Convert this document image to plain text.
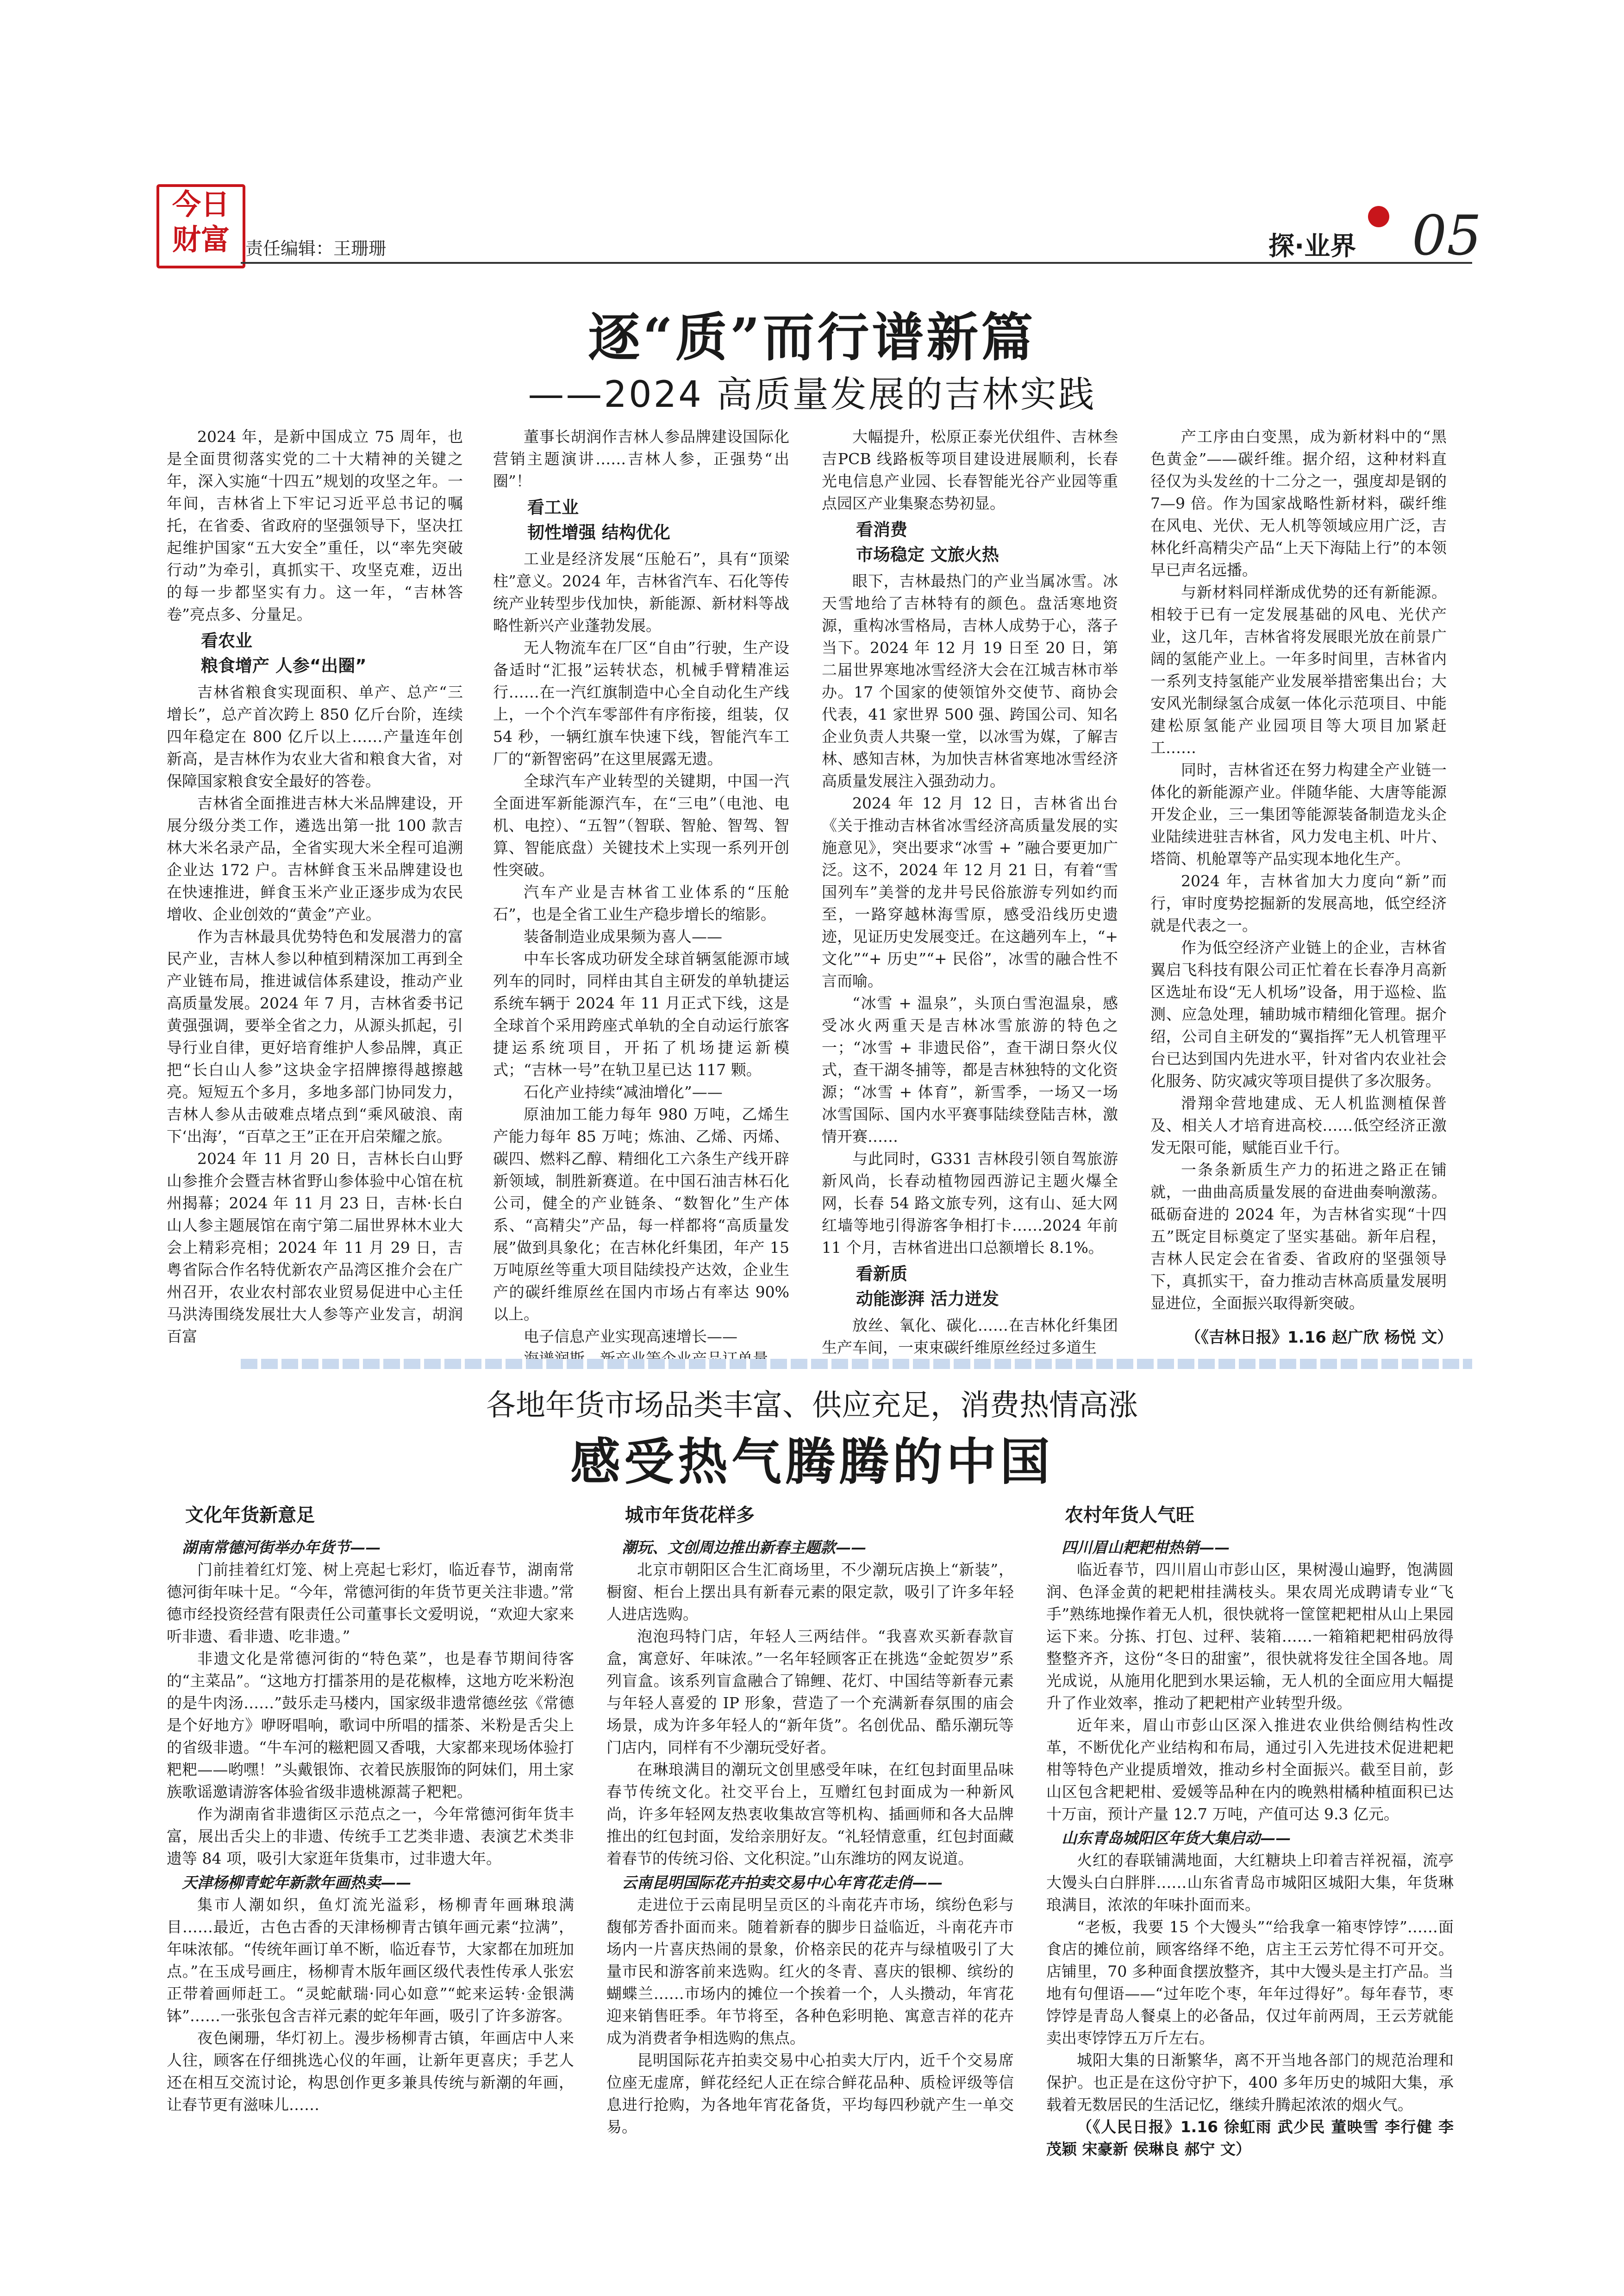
今日财富 责任编辑：王珊珊	探·业界 05
逐“质”而行谱新篇
——2024 高质量发展的吉林实践

2024 年，是新中国成立 75 周年，也是全面贯彻落实党的二十大精神的关键之年，深入实施“十四五”规划的攻坚之年。一年间，吉林省上下牢记习近平总书记的嘱托，在省委、省政府的坚强领导下，坚决扛起维护国家“五大安全”重任，以“率先突破行动”为牵引，真抓实干、攻坚克难，迈出的每一步都坚实有力。这一年，“吉林答卷”亮点多、分量足。

看农业
粮食增产 人参“出圈”

吉林省粮食实现面积、单产、总产“三增长”，总产首次跨上 850 亿斤台阶，连续四年稳定在 800 亿斤以上……产量连年创新高，是吉林作为农业大省和粮食大省，对保障国家粮食安全最好的答卷。

吉林省全面推进吉林大米品牌建设，开展分级分类工作，遴选出第一批 100 款吉林大米名录产品，全省实现大米全程可追溯企业达 172 户。吉林鲜食玉米品牌建设也在快速推进，鲜食玉米产业正逐步成为农民增收、企业创效的“黄金”产业。

作为吉林最具优势特色和发展潜力的富民产业，吉林人参以种植到精深加工再到全产业链布局，推进诚信体系建设，推动产业高质量发展。2024 年 7 月，吉林省委书记黄强强调，要举全省之力，从源头抓起，引导行业自律，更好培育维护人参品牌，真正把“长白山人参”这块金字招牌擦得越擦越亮。短短五个多月，多地多部门协同发力，吉林人参从击破难点堵点到“乘风破浪、南下‘出海’，“百草之王”正在开启荣耀之旅。

2024 年 11 月 20 日，吉林长白山野山参推介会暨吉林省野山参体验中心馆在杭州揭幕；2024 年 11 月 23 日，吉林·长白山人参主题展馆在南宁第二届世界林木业大会上精彩亮相；2024 年 11 月 29 日，吉粤省际合作名特优新农产品湾区推介会在广州召开，农业农村部农业贸易促进中心主任马洪涛围绕发展壮大人参等产业发言，胡润百富

董事长胡润作吉林人参品牌建设国际化营销主题演讲……吉林人参，正强势“出圈”！

看工业
韧性增强 结构优化

工业是经济发展“压舱石”，具有“顶梁柱”意义。2024 年，吉林省汽车、石化等传统产业转型步伐加快，新能源、新材料等战略性新兴产业蓬勃发展。

无人物流车在厂区“自由”行驶，生产设备适时“汇报”运转状态，机械手臂精准运行……在一汽红旗制造中心全自动化生产线上，一个个汽车零部件有序衔接，组装，仅 54 秒，一辆红旗车快速下线，智能汽车工厂的“新智密码”在这里展露无遗。

全球汽车产业转型的关键期，中国一汽全面进军新能源汽车，在“三电”（电池、电机、电控）、“五智”（智联、智舱、智驾、智算、智能底盘）关键技术上实现一系列开创性突破。

汽车产业是吉林省工业体系的“压舱石”，也是全省工业生产稳步增长的缩影。

装备制造业成果频为喜人——

中车长客成功研发全球首辆氢能源市域列车的同时，同样由其自主研发的单轨捷运系统车辆于 2024 年 11 月正式下线，这是全球首个采用跨座式单轨的全自动运行旅客捷运系统项目，开拓了机场捷运新模式；“吉林一号”在轨卫星已达 117 颗。

石化产业持续“减油增化”——

原油加工能力每年 980 万吨，乙烯生产能力每年 85 万吨；炼油、乙烯、丙烯、碳四、燃料乙醇、精细化工六条生产线开辟新领域，制胜新赛道。在中国石油吉林石化公司，健全的产业链条、“数智化”生产体系、“高精尖”产品，每一样都将“高质量发展”做到具象化；在吉林化纤集团，年产 15 万吨原丝等重大项目陆续投产达效，企业生产的碳纤维原丝在国内市场占有率达 90%以上。

电子信息产业实现高速增长——

大幅提升，松原正泰光伏组件、吉林叁吉PCB 线路板等项目建设进展顺利，长春光电信息产业园、长春智能光谷产业园等重点园区产业集聚态势初显。

看消费
市场稳定 文旅火热

眼下，吉林最热门的产业当属冰雪。冰天雪地给了吉林特有的颜色。盘活寒地资源，重构冰雪格局，吉林人成势于心，落子当下。2024 年 12 月 19 日至 20 日，第二届世界寒地冰雪经济大会在江城吉林市举办。17 个国家的使领馆外交使节、商协会代表，41 家世界 500 强、跨国公司、知名企业负责人共聚一堂，以冰雪为媒，了解吉林、感知吉林，为加快吉林省寒地冰雪经济高质量发展注入强劲动力。

2024 年 12 月 12 日，吉林省出台《关于推动吉林省冰雪经济高质量发展的实施意见》，突出要求“冰雪 + ”融合要更加广泛。这不，2024 年 12 月 21 日，有着“雪国列车”美誉的龙井号民俗旅游专列如约而至，一路穿越林海雪原，感受沿线历史遗迹，见证历史发展变迁。在这趟列车上，“+ 文化”“+ 历史”“+ 民俗”，冰雪的融合性不言而喻。

“冰雪 + 温泉”，头顶白雪泡温泉，感受冰火两重天是吉林冰雪旅游的特色之一；“冰雪 + 非遗民俗”，查干湖日祭火仪式，查干湖冬捕等，都是吉林独特的文化资源；“冰雪 + 体育”，新雪季，一场又一场冰雪国际、国内水平赛事陆续登陆吉林，激情开赛……

与此同时，G331 吉林段引领自驾旅游新风尚，长春动植物园西游记主题火爆全网，长春 54 路文旅专列，这有山、延大网红墙等地引得游客争相打卡……2024 年前 11 个月，吉林省进出口总额增长 8.1%。

看新质
动能澎湃 活力迸发

放丝、氧化、碳化……在吉林化纤集团生产车间，一束束碳纤维原丝经过多道生

产工序由白变黑，成为新材料中的“黑色黄金”——碳纤维。据介绍，这种材料直径仅为头发丝的十二分之一，强度却是钢的 7—9 倍。作为国家战略性新材料，碳纤维在风电、光伏、无人机等领域应用广泛，吉林化纤高精尖产品“上天下海陆上行”的本领早已声名远播。

与新材料同样渐成优势的还有新能源。相较于已有一定发展基础的风电、光伏产业，这几年，吉林省将发展眼光放在前景广阔的氢能产业上。一年多时间里，吉林省内一系列支持氢能产业发展举措密集出台；大安风光制绿氢合成氨一体化示范项目、中能建松原氢能产业园项目等大项目加紧赶工……

同时，吉林省还在努力构建全产业链一体化的新能源产业。伴随华能、大唐等能源开发企业，三一集团等能源装备制造龙头企业陆续进驻吉林省，风力发电主机、叶片、塔筒、机舱罩等产品实现本地化生产。

2024 年，吉林省加大力度向“新”而行，审时度势挖掘新的发展高地，低空经济就是代表之一。

作为低空经济产业链上的企业，吉林省翼启飞科技有限公司正忙着在长春净月高新区选址布设“无人机场”设备，用于巡检、监测、应急处理，辅助城市精细化管理。据介绍，公司自主研发的“翼指挥”无人机管理平台已达到国内先进水平，针对省内农业社会化服务、防灾减灾等项目提供了多次服务。

滑翔伞营地建成、无人机监测植保普及、相关人才培育进高校……低空经济正激发无限可能，赋能百业千行。

一条条新质生产力的拓进之路正在铺就，一曲曲高质量发展的奋进曲奏响激荡。砥砺奋进的 2024 年，为吉林省实现“十四五”既定目标奠定了坚实基础。新年启程，吉林人民定会在省委、省政府的坚强领导下，真抓实干，奋力推动吉林高质量发展明显进位，全面振兴取得新突破。

（《吉林日报》1.16 赵广欣 杨悦 文）
各地年货市场品类丰富、供应充足，消费热情高涨
感受热气腾腾的中国
文化年货新意足
湖南常德河街举办年货节——

门前挂着红灯笼、树上亮起七彩灯，临近春节，湖南常德河街年味十足。“今年，常德河街的年货节更关注非遗。”常德市经投资经营有限责任公司董事长文爱明说，“欢迎大家来听非遗、看非遗、吃非遗。”

非遗文化是常德河街的“特色菜”，也是春节期间待客的“主菜品”。“这地方打擂茶用的是花椒棒，这地方吃米粉泡的是牛肉汤……”鼓乐走马楼内，国家级非遗常德丝弦《常德是个好地方》咿呀唱响，歌词中所唱的擂茶、米粉是舌尖上的省级非遗。“牛车河的糍粑圆又香哦，大家都来现场体验打粑粑——哟嘿！”头戴银饰、衣着民族服饰的阿妹们，用土家族歌谣邀请游客体验省级非遗桃源蒿子粑粑。

作为湖南省非遗街区示范点之一，今年常德河街年货丰富，展出舌尖上的非遗、传统手工艺类非遗、表演艺术类非遗等 84 项，吸引大家逛年货集市，过非遗大年。

天津杨柳青蛇年新款年画热卖——

集市人潮如织，鱼灯流光溢彩，杨柳青年画琳琅满目……最近，古色古香的天津杨柳青古镇年画元素“拉满”，年味浓郁。“传统年画订单不断，临近春节，大家都在加班加点。”在玉成号画庄，杨柳青木版年画区级代表性传承人张宏正带着画师赶工。“灵蛇献瑞·同心如意”“蛇来运转·金银满钵”……一张张包含吉祥元素的蛇年年画，吸引了许多游客。

夜色阑珊，华灯初上。漫步杨柳青古镇，年画店中人来人往，顾客在仔细挑选心仪的年画，让新年更喜庆；手艺人还在相互交流讨论，构思创作更多兼具传统与新潮的年画，让春节更有滋味儿……

城市年货花样多
潮玩、文创周边推出新春主题款——

北京市朝阳区合生汇商场里，不少潮玩店换上“新装”，橱窗、柜台上摆出具有新春元素的限定款，吸引了许多年轻人进店选购。

泡泡玛特门店，年轻人三两结伴。“我喜欢买新春款盲盒，寓意好、年味浓。”一名年轻顾客正在挑选“金蛇贺岁”系列盲盒。该系列盲盒融合了锦鲤、花灯、中国结等新春元素与年轻人喜爱的 IP 形象，营造了一个充满新春氛围的庙会场景，成为许多年轻人的“新年货”。名创优品、酷乐潮玩等门店内，同样有不少潮玩受好者。

在琳琅满目的潮玩文创里感受年味，在红包封面里品味春节传统文化。社交平台上，互赠红包封面成为一种新风尚，许多年轻网友热衷收集故宫等机构、插画师和各大品牌推出的红包封面，发给亲朋好友。“礼轻情意重，红包封面藏着春节的传统习俗、文化积淀。”山东潍坊的网友说道。

云南昆明国际花卉拍卖交易中心年宵花走俏——

走进位于云南昆明呈贡区的斗南花卉市场，缤纷色彩与馥郁芳香扑面而来。随着新春的脚步日益临近，斗南花卉市场内一片喜庆热闹的景象，价格亲民的花卉与绿植吸引了大量市民和游客前来选购。红火的冬青、喜庆的银柳、缤纷的蝴蝶兰……市场内的摊位一个挨着一个，人头攒动，年宵花迎来销售旺季。年节将至，各种色彩明艳、寓意吉祥的花卉成为消费者争相选购的焦点。

昆明国际花卉拍卖交易中心拍卖大厅内，近千个交易席位座无虚席，鲜花经纪人正在综合鲜花品种、质检评级等信息进行抢购，为各地年宵花备货，平均每四秒就产生一单交易。

农村年货人气旺
四川眉山耙耙柑热销——

临近春节，四川眉山市彭山区，果树漫山遍野，饱满圆润、色泽金黄的耙耙柑挂满枝头。果农周光成聘请专业“飞手”熟练地操作着无人机，很快就将一筐筐耙耙柑从山上果园运下来。分拣、打包、过秤、装箱……一箱箱耙耙柑码放得整整齐齐，这份“冬日的甜蜜”，很快就将发往全国各地。周光成说，从施用化肥到水果运输，无人机的全面应用大幅提升了作业效率，推动了耙耙柑产业转型升级。

近年来，眉山市彭山区深入推进农业供给侧结构性改革，不断优化产业结构和布局，通过引入先进技术促进耙耙柑等特色产业提质增效，推动乡村全面振兴。截至目前，彭山区包含耙耙柑、爱媛等品种在内的晚熟柑橘种植面积已达十万亩，预计产量 12.7 万吨，产值可达 9.3 亿元。

山东青岛城阳区年货大集启动——

火红的春联铺满地面，大红糖块上印着吉祥祝福，流亭大馒头白白胖胖……山东省青岛市城阳区城阳大集，年货琳琅满目，浓浓的年味扑面而来。

“老板，我要 15 个大馒头”“给我拿一箱枣饽饽”……面食店的摊位前，顾客络绎不绝，店主王云芳忙得不可开交。店铺里，70 多种面食摆放整齐，其中大馒头是主打产品。当地有句俚语——“过年吃个枣，年年过得好”。每年春节，枣饽饽是青岛人餐桌上的必备品，仅过年前两周，王云芳就能卖出枣饽饽五万斤左右。

城阳大集的日渐繁华，离不开当地各部门的规范治理和保护。也正是在这份守护下，400 多年历史的城阳大集，承载着无数居民的生活记忆，继续升腾起浓浓的烟火气。

（《人民日报》1.16 徐虹雨 武少民 董映雪 李行健 李茂颖 宋豪新 侯琳良 郝宁 文）
